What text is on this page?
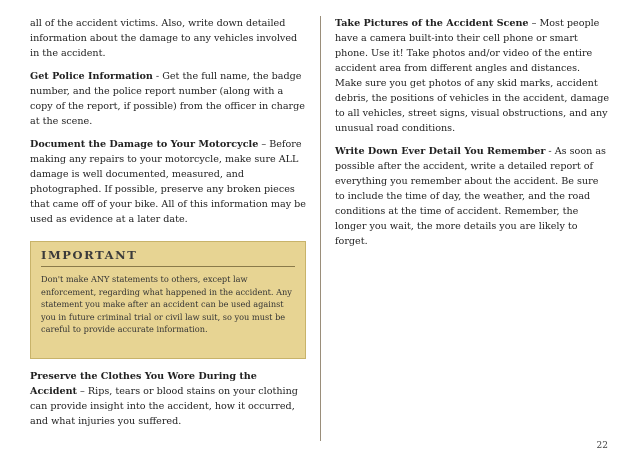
all of the accident victims. Also, write down detailed information about the damage to any vehicles involved in the accident.

Get Police Information - Get the full name, the badge number, and the police report number (along with a copy of the report, if possible) from the officer in charge at the scene.

Document the Damage to Your Motorcycle – Before making any repairs to your motorcycle, make sure ALL damage is well documented, measured, and photographed. If possible, preserve any broken pieces that came off of your bike. All of this information may be used as evidence at a later date.

IMPORTANT
Don't make ANY statements to others, except law enforcement, regarding what happened in the accident. Any statement you make after an accident can be used against you in future criminal trial or civil law suit, so you must be careful to provide accurate information.

Preserve the Clothes You Wore During the Accident – Rips, tears or blood stains on your clothing can provide insight into the accident, how it occurred, and what injuries you suffered.

Take Pictures of the Accident Scene – Most people have a camera built-into their cell phone or smart phone. Use it! Take photos and/or video of the entire accident area from different angles and distances. Make sure you get photos of any skid marks, accident debris, the positions of vehicles in the accident, damage to all vehicles, street signs, visual obstructions, and any unusual road conditions.

Write Down Ever Detail You Remember - As soon as possible after the accident, write a detailed report of everything you remember about the accident. Be sure to include the time of day, the weather, and the road conditions at the time of accident. Remember, the longer you wait, the more details you are likely to forget.

22
